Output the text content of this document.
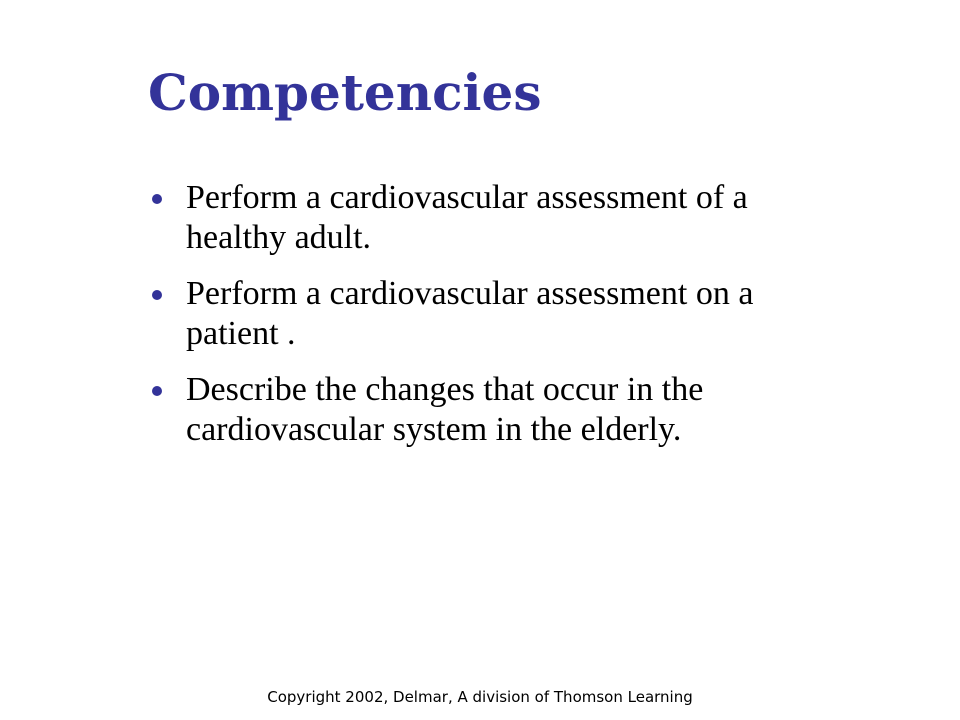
Competencies
Perform a cardiovascular assessment of a healthy adult.
Perform a cardiovascular assessment on a patient .
Describe the changes that occur in the cardiovascular system in the elderly.
Copyright 2002, Delmar, A division of Thomson Learning
